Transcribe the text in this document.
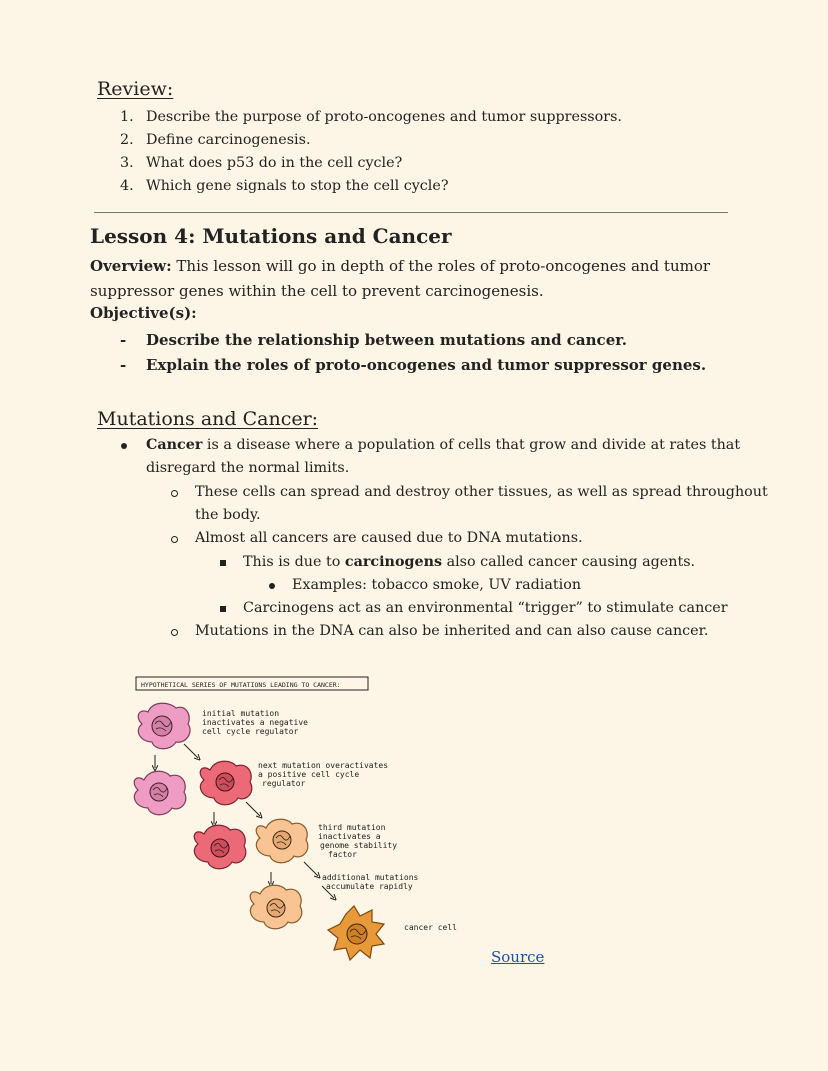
Review:
1. Describe the purpose of proto-oncogenes and tumor suppressors.
2. Define carcinogenesis.
3. What does p53 do in the cell cycle?
4. Which gene signals to stop the cell cycle?
Lesson 4: Mutations and Cancer
Overview: This lesson will go in depth of the roles of proto-oncogenes and tumor suppressor genes within the cell to prevent carcinogenesis.
Objective(s):
- Describe the relationship between mutations and cancer.
- Explain the roles of proto-oncogenes and tumor suppressor genes.
Mutations and Cancer:
Cancer is a disease where a population of cells that grow and divide at rates that
disregard the normal limits.
These cells can spread and destroy other tissues, as well as spread throughout
the body.
Almost all cancers are caused due to DNA mutations.
This is due to carcinogens also called cancer causing agents.
Examples: tobacco smoke, UV radiation
Carcinogens act as an environmental “trigger” to stimulate cancer
Mutations in the DNA can also be inherited and can also cause cancer.
HYPOTHETICAL SERIES OF MUTATIONS LEADING TO CANCER:
initial mutation
inactivates a negative
cell cycle regulator
next mutation overactivates
a positive cell cycle
regulator
third mutation
inactivates a
genome stability
factor
additional mutations
accumulate rapidly
cancer cell
Source
